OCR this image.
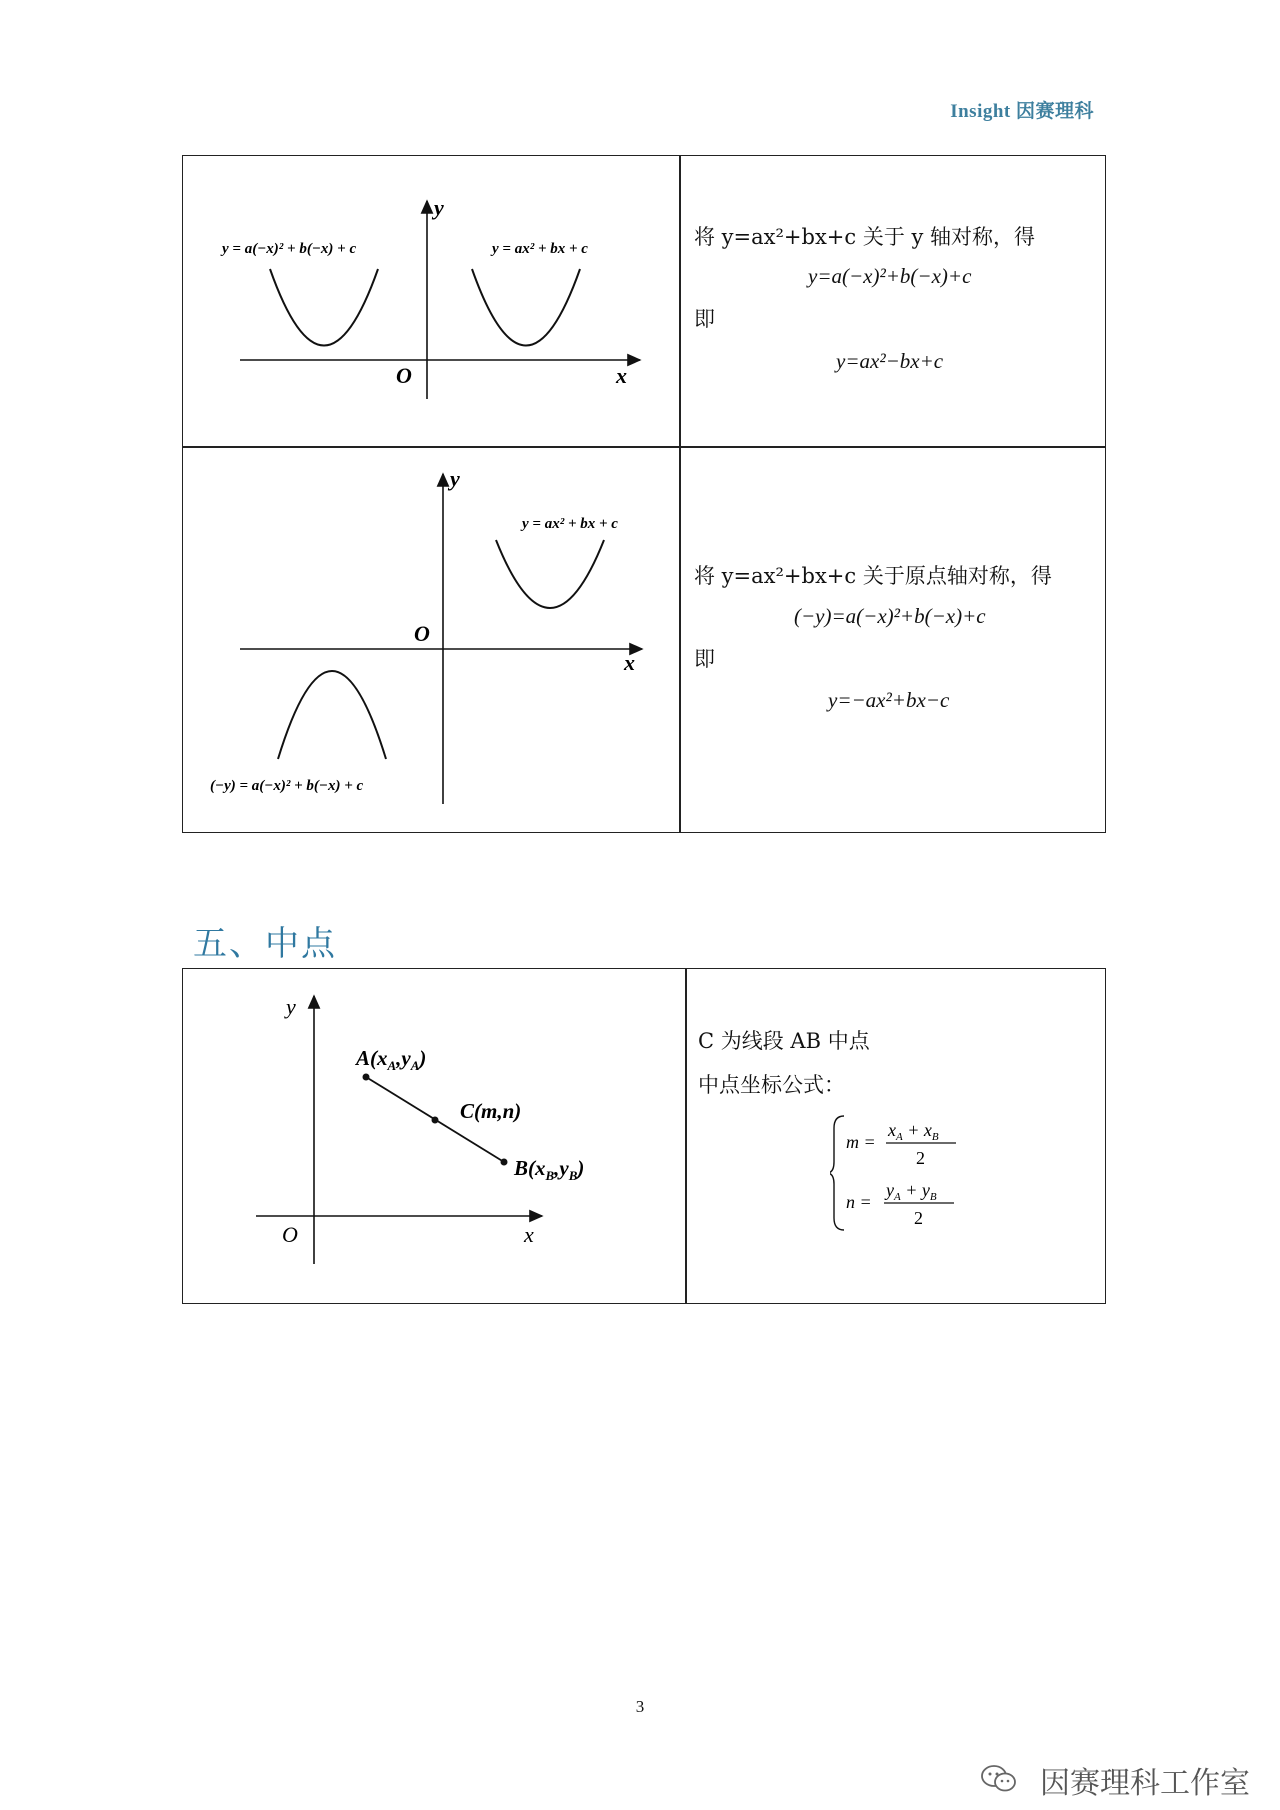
Insight 因赛理科
y
x
O
y = a(−x)² + b(−x) + c	y = ax² + bx + c	将 y=ax²+bx+c 关于 y 轴对称，得
y=a(−x)²+b(−x)+c
即
y=ax²−bx+c
y
x
O
y = ax² + bx + c
(−y) = a(−x)² + b(−x) + c
将 y=ax²+bx+c 关于原点轴对称，得
(−y)=a(−x)²+b(−x)+c
即
y=−ax²+bx−c
五、中点
y
x
O
$A(x_A,y_A)$
C(m,n)
$B(x_B,y_B)$
C 为线段 AB 中点
中点坐标公式：
m =
$x_A + x_B$
2
n =
$y_A + y_B$
2
3
因赛理科工作室
